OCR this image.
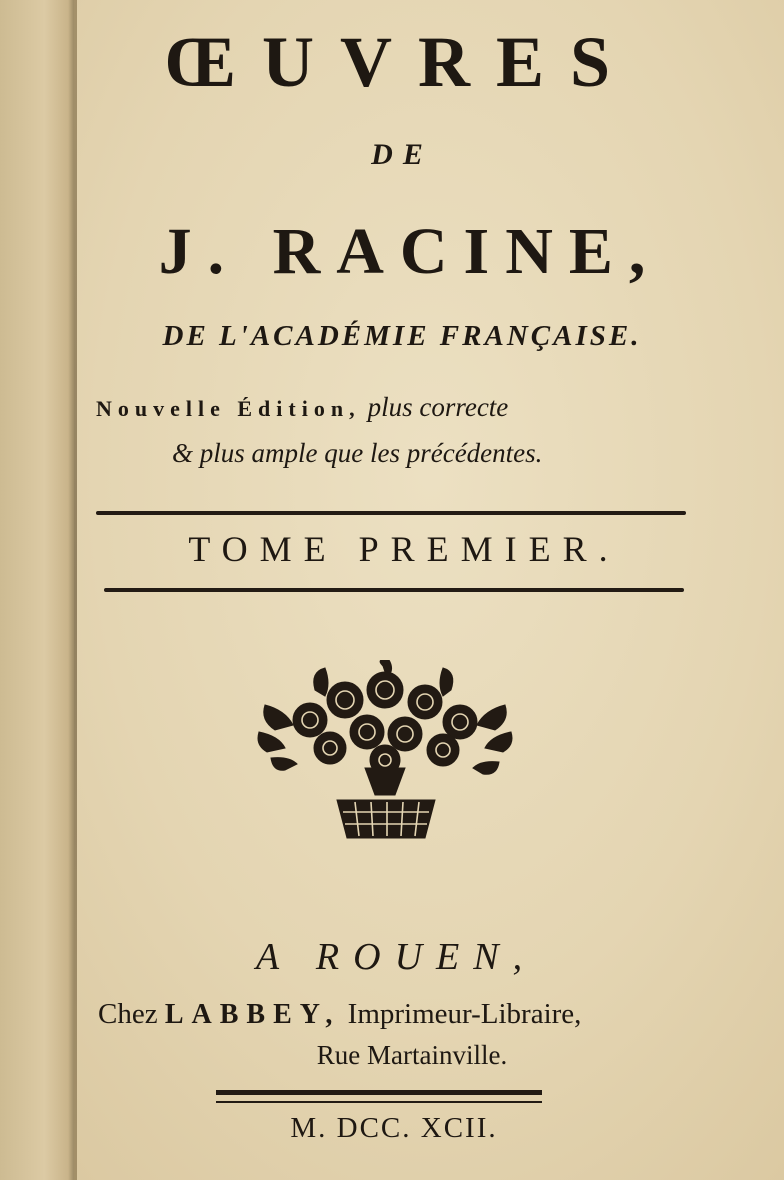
ŒUVRES
DE
J. RACINE,
DE L'ACADÉMIE FRANÇAISE.
Nouvelle Édition, plus correcte
& plus ample que les précédentes.
TOME PREMIER.
A ROUEN,
Chez LABBEY, Imprimeur-Libraire,
Rue Martainville.
M. DCC. XCII.
